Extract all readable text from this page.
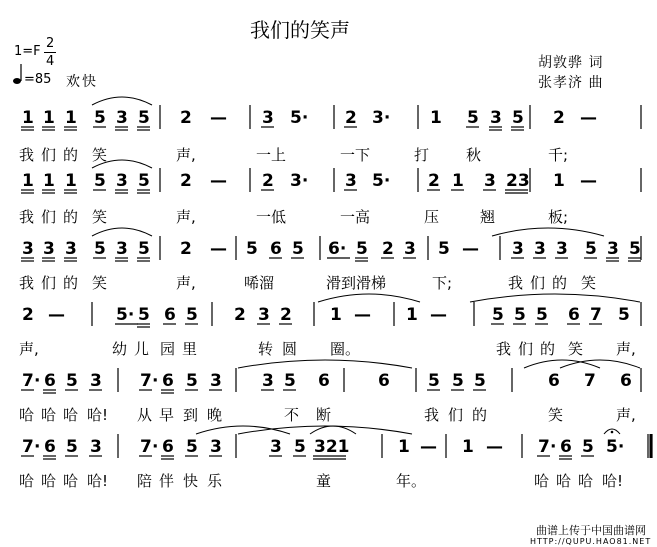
我们的笑声
1=F
2
4
=85 欢快
胡敦骅 词
张孝济 曲
1 1 1 5 3 5 2 — 3 5· 2 3· 1 5 3 5 2 —
我 们 的 笑	声,	一上	一下	打 秋	千;
1 1 1 5 3 5 2 — 2 3· 3 5· 2 1 3 23 1 —
我 们 的 笑	声,	一低	一高	压	翘	板;
3 3 3 5 3 5 2 — 5 6 5 6· 5 2 3 5 — 3 3 3 5 3 5
我 们 的 笑	声,	唏溜	滑到滑梯	下;	我 们 的 笑
2 —	5· 5 6 5 2 3 2 1 — 1 —	5 5 5 6 7 5
声,	幼 儿 园 里	转 圆 圈。	我 们 的 笑 声,
7 · 6 5 3 7 · 6 5 3 3 5 6	6 5 5 5	6 7 6
哈 哈 哈 哈! 从 早 到 晚	不 断	我 们 的	笑	声,
7 · 6 5 3 7 · 6 5 3	3 5 321	1 — 1 — 7 · 6 5 5·
哈 哈 哈 哈! 陪 伴 快 乐	童	年。	哈 哈 哈 哈!
曲谱上传于中国曲谱网
HTTP://QUPU.HAO81.NET
